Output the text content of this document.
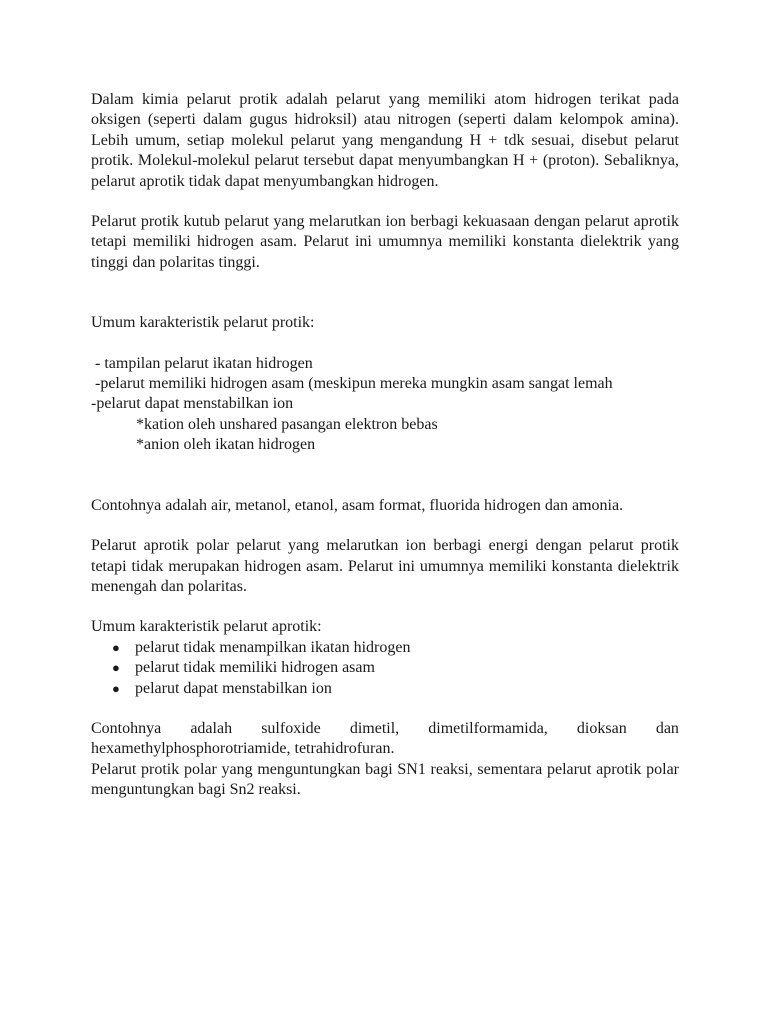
Dalam kimia pelarut protik adalah pelarut yang memiliki atom hidrogen terikat pada oksigen (seperti dalam gugus hidroksil) atau nitrogen (seperti dalam kelompok amina). Lebih umum, setiap molekul pelarut yang mengandung H + tdk sesuai, disebut pelarut protik. Molekul-molekul pelarut tersebut dapat menyumbangkan H + (proton). Sebaliknya, pelarut aprotik tidak dapat menyumbangkan hidrogen.

Pelarut protik kutub pelarut yang melarutkan ion berbagi kekuasaan dengan pelarut aprotik tetapi memiliki hidrogen asam. Pelarut ini umumnya memiliki konstanta dielektrik yang tinggi dan polaritas tinggi.

Umum karakteristik pelarut protik:

- tampilan pelarut ikatan hidrogen
-pelarut memiliki hidrogen asam (meskipun mereka mungkin asam sangat lemah
-pelarut dapat menstabilkan ion
*kation oleh unshared pasangan elektron bebas
*anion oleh ikatan hidrogen

Contohnya adalah air, metanol, etanol, asam format, fluorida hidrogen dan amonia.

Pelarut aprotik polar pelarut yang melarutkan ion berbagi energi dengan pelarut protik tetapi tidak merupakan hidrogen asam. Pelarut ini umumnya memiliki konstanta dielektrik menengah dan polaritas.

Umum karakteristik pelarut aprotik:

● pelarut tidak menampilkan ikatan hidrogen
● pelarut tidak memiliki hidrogen asam
● pelarut dapat menstabilkan ion
Contohnya adalah sulfoxide dimetil, dimetilformamida, dioksan dan
hexamethylphosphorotriamide, tetrahidrofuran.

Pelarut protik polar yang menguntungkan bagi SN1 reaksi, sementara pelarut aprotik polar menguntungkan bagi Sn2 reaksi.
